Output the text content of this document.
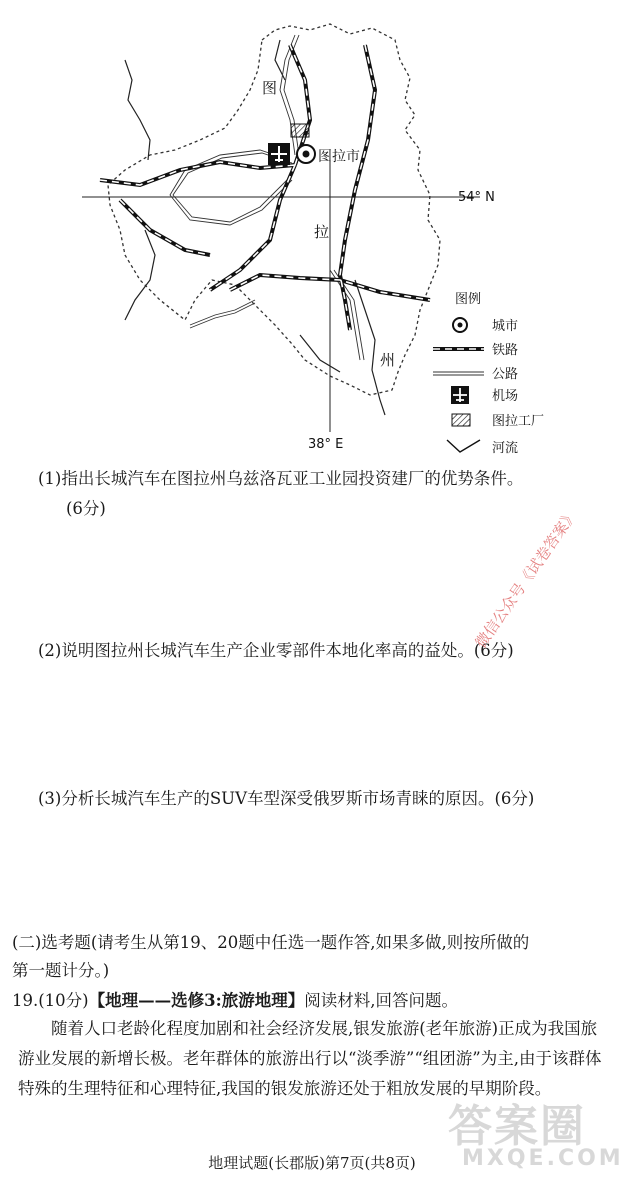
图
图拉市
拉
州
54° N
38° E
图例
城市
铁路
公路
机场
图拉工厂
河流
(1)指出长城汽车在图拉州乌兹洛瓦亚工业园投资建厂的优势条件。
(6分)
(2)说明图拉州长城汽车生产企业零部件本地化率高的益处。(6分)
(3)分析长城汽车生产的SUV车型深受俄罗斯市场青睐的原因。(6分)
(二)选考题(请考生从第19、20题中任选一题作答,如果多做,则按所做的
第一题计分。)
19.(10分)【地理——选修3:旅游地理】阅读材料,回答问题。
随着人口老龄化程度加剧和社会经济发展,银发旅游(老年旅游)正成为我国旅游业发展的新增长极。老年群体的旅游出行以“淡季游”“组团游”为主,由于该群体特殊的生理特征和心理特征,我国的银发旅游还处于粗放发展的早期阶段。
微信公众号《试卷答案》
答案圈
MXQE.COM
地理试题(长郡版)第7页(共8页)
